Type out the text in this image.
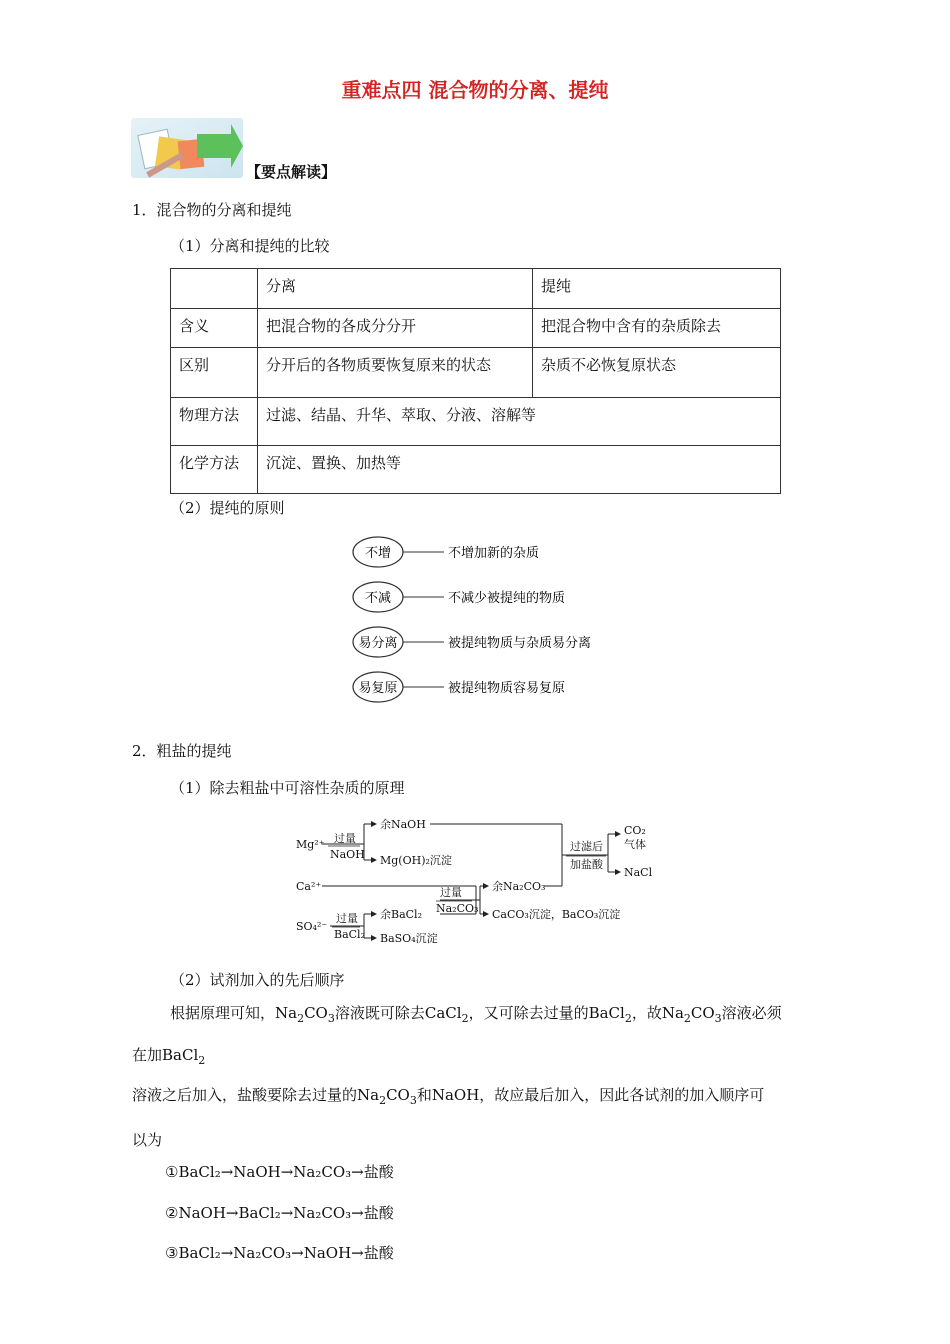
重难点四 混合物的分离、提纯
【要点解读】
1．混合物的分离和提纯
（1）分离和提纯的比较
	分离	提纯
含义	把混合物的各成分分开	把混合物中含有的杂质除去
区别	分开后的各物质要恢复原来的状态	杂质不必恢复原状态
物理方法	过滤、结晶、升华、萃取、分液、溶解等	
化学方法	沉淀、置换、加热等	
（2）提纯的原则
不增	不增加新的杂质
不减	不减少被提纯的物质
易分离	被提纯物质与杂质易分离
易复原	被提纯物质容易复原
2．粗盐的提纯
（1）除去粗盐中可溶性杂质的原理
Mg²⁺
Ca²⁺
SO₄²⁻
过量
NaOH
过量
BaCl₂
过量
Na₂CO₃
余NaOH
Mg(OH)₂沉淀
余BaCl₂
BaSO₄沉淀
余Na₂CO₃
CaCO₃沉淀，BaCO₃沉淀
过滤后
加盐酸
CO₂
气体
NaCl
（2）试剂加入的先后顺序
根据原理可知，$Na_2CO_3$溶液既可除去CaCl$_2$，又可除去过量的BaCl$_2$，故$Na_2CO_3$溶液必须
在加BaCl$_2$
溶液之后加入，盐酸要除去过量的$Na_2CO_3$和NaOH，故应最后加入，因此各试剂的加入顺序可
以为
①BaCl₂→NaOH→Na₂CO₃→盐酸
②NaOH→BaCl₂→Na₂CO₃→盐酸
③BaCl₂→Na₂CO₃→NaOH→盐酸
